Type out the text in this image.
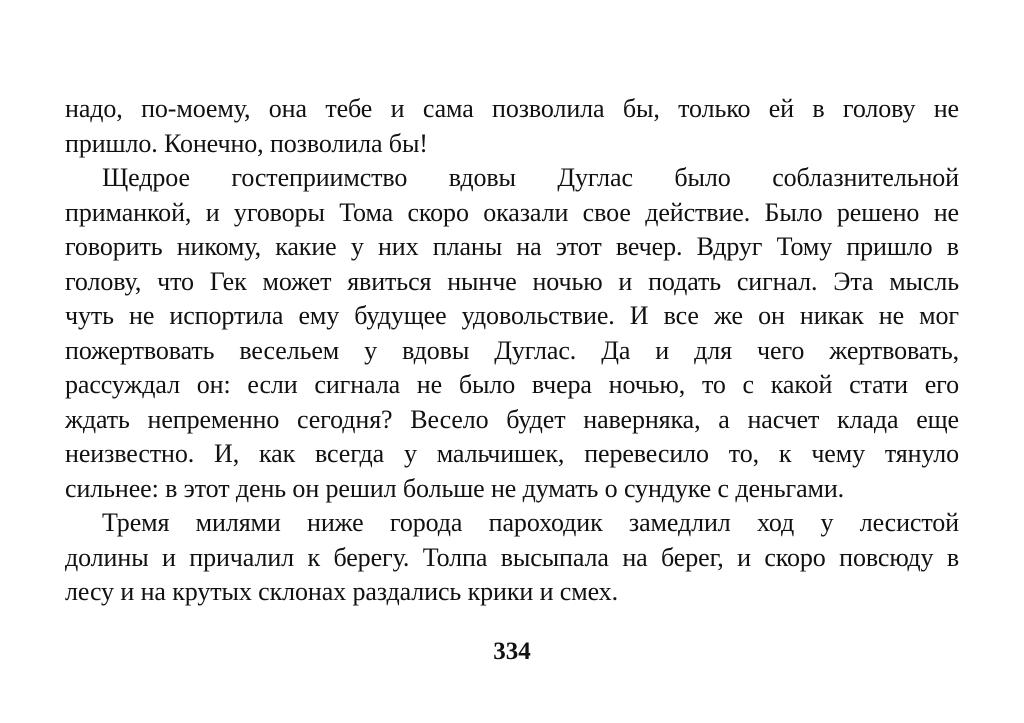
надо, по-моему, она тебе и сама позволила бы, только ей в голову не
пришло. Конечно, позволила бы!
Щедрое гостеприимство вдовы Дуглас было соблазнительной
приманкой, и уговоры Тома скоро оказали свое действие. Было решено не
говорить никому, какие у них планы на этот вечер. Вдруг Тому пришло в
голову, что Гек может явиться нынче ночью и подать сигнал. Эта мысль
чуть не испортила ему будущее удовольствие. И все же он никак не мог
пожертвовать весельем у вдовы Дуглас. Да и для чего жертвовать,
рассуждал он: если сигнала не было вчера ночью, то с какой стати его
ждать непременно сегодня? Весело будет наверняка, а насчет клада еще
неизвестно. И, как всегда у мальчишек, перевесило то, к чему тянуло
сильнее: в этот день он решил больше не думать о сундуке с деньгами.
Тремя милями ниже города пароходик замедлил ход у лесистой
долины и причалил к берегу. Толпа высыпала на берег, и скоро повсюду в
лесу и на крутых склонах раздались крики и смех.
334
